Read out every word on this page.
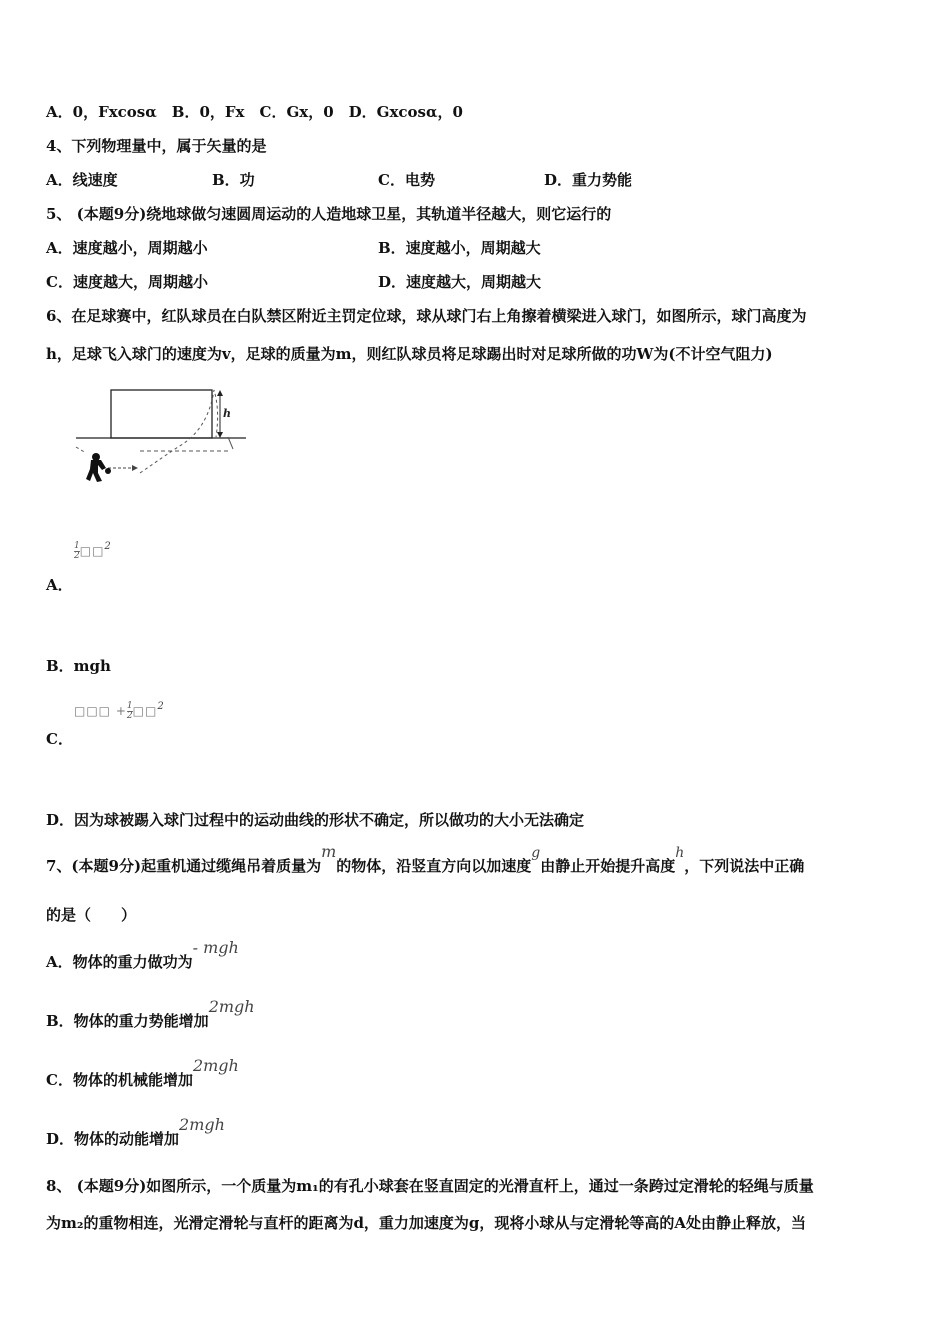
A．0，Fxcosα　B．0，Fx　C．Gx，0　D．Gxcosα，0
4、下列物理量中，属于矢量的是
A．线速度	B．功	C．电势	D．重力势能
5、 (本题9分)绕地球做匀速圆周运动的人造地球卫星，其轨道半径越大，则它运行的
A．速度越小，周期越小	B．速度越小，周期越大
C．速度越大，周期越小	D．速度越大，周期越大
6、在足球赛中，红队球员在白队禁区附近主罚定位球，球从球门右上角擦着横梁进入球门，如图所示，球门高度为
h，足球飞入球门的速度为v，足球的质量为m，则红队球员将足球踢出时对足球所做的功W为(不计空气阻力)
h
$\frac{1}{2}$ □□$^2$
A．
B．mgh
□□□ + $\frac{1}{2}$ □□$^2$
C．
D．因为球被踢入球门过程中的运动曲线的形状不确定，所以做功的大小无法确定
7、(本题9分)起重机通过缆绳吊着质量为m的物体，沿竖直方向以加速度g由静止开始提升高度h，下列说法中正确
的是（　　）
A．物体的重力做功为- mgh
B．物体的重力势能增加2mgh
C．物体的机械能增加2mgh
D．物体的动能增加2mgh
8、 (本题9分)如图所示，一个质量为m₁的有孔小球套在竖直固定的光滑直杆上，通过一条跨过定滑轮的轻绳与质量
为m₂的重物相连，光滑定滑轮与直杆的距离为d，重力加速度为g，现将小球从与定滑轮等高的A处由静止释放，当
